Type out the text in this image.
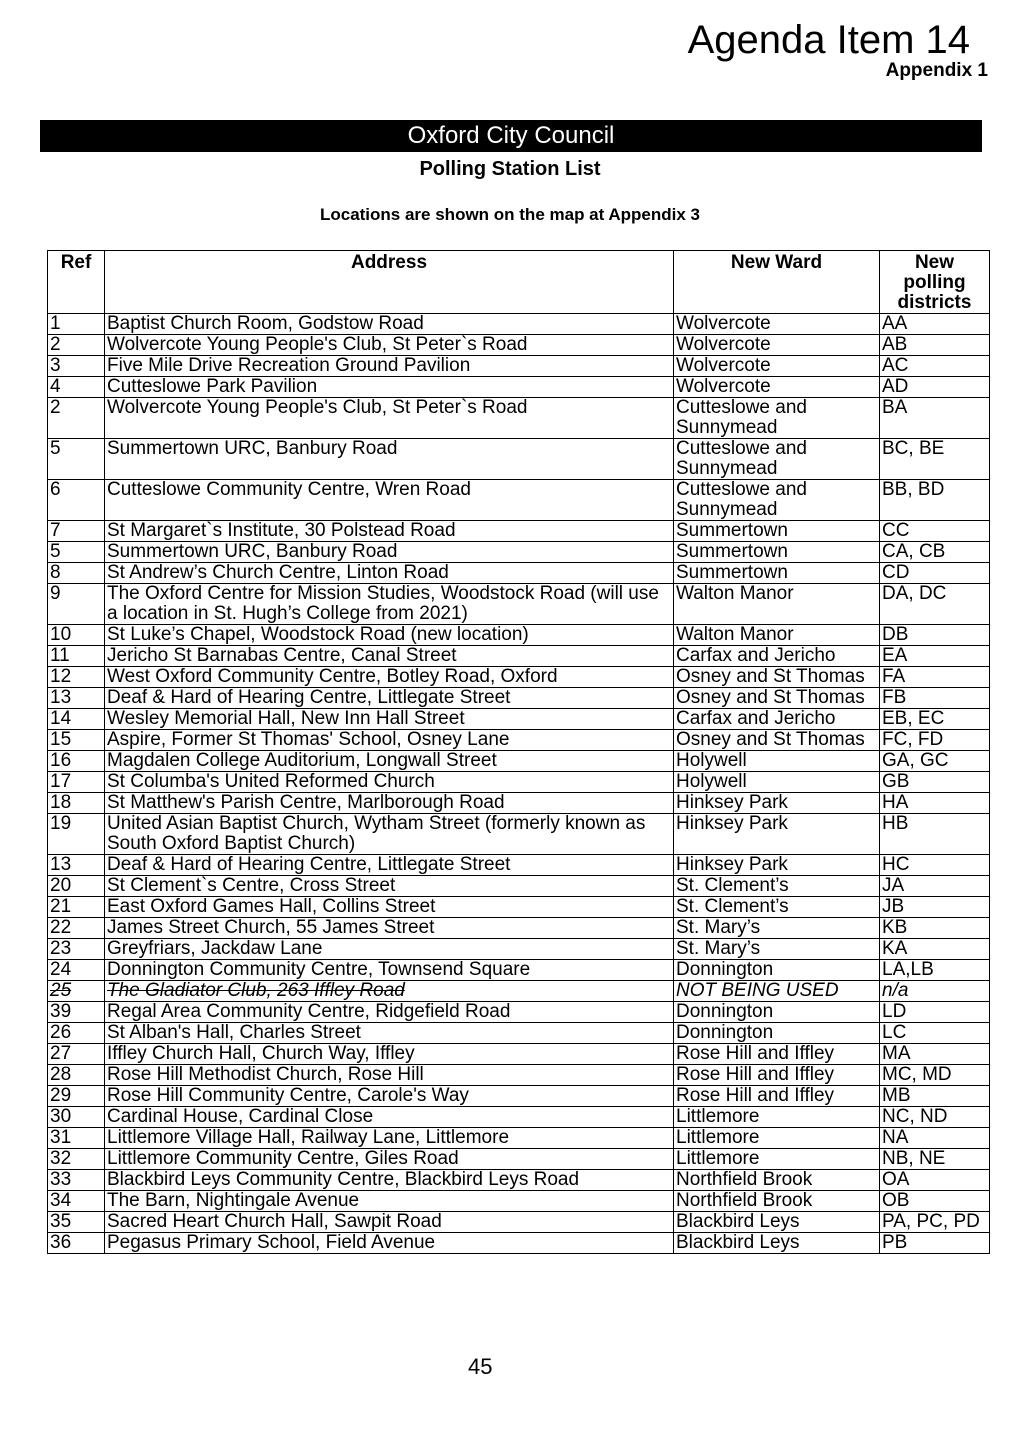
Agenda Item 14
Appendix 1
Oxford City Council
Polling Station List
Locations are shown on the map at Appendix 3
Ref	Address	New Ward	New polling districts
1	Baptist Church Room, Godstow Road	Wolvercote	AA
2	Wolvercote Young People's Club, St Peter`s Road	Wolvercote	AB
3	Five Mile Drive Recreation Ground Pavilion	Wolvercote	AC
4	Cutteslowe Park Pavilion	Wolvercote	AD
2	Wolvercote Young People's Club, St Peter`s Road	Cutteslowe and Sunnymead	BA
5	Summertown URC, Banbury Road	Cutteslowe and Sunnymead	BC, BE
6	Cutteslowe Community Centre, Wren Road	Cutteslowe and Sunnymead	BB, BD
7	St Margaret`s Institute, 30 Polstead Road	Summertown	CC
5	Summertown URC, Banbury Road	Summertown	CA, CB
8	St Andrew’s Church Centre, Linton Road	Summertown	CD
9	The Oxford Centre for Mission Studies, Woodstock Road (will use a location in St. Hugh’s College from 2021)	Walton Manor	DA, DC
10	St Luke’s Chapel, Woodstock Road (new location)	Walton Manor	DB
11	Jericho St Barnabas Centre, Canal Street	Carfax and Jericho	EA
12	West Oxford Community Centre, Botley Road, Oxford	Osney and St Thomas	FA
13	Deaf & Hard of Hearing Centre, Littlegate Street	Osney and St Thomas	FB
14	Wesley Memorial Hall, New Inn Hall Street	Carfax and Jericho	EB, EC
15	Aspire, Former St Thomas' School, Osney Lane	Osney and St Thomas	FC, FD
16	Magdalen College Auditorium, Longwall Street	Holywell	GA, GC
17	St Columba's United Reformed Church	Holywell	GB
18	St Matthew's Parish Centre, Marlborough Road	Hinksey Park	HA
19	United Asian Baptist Church, Wytham Street (formerly known as South Oxford Baptist Church)	Hinksey Park	HB
13	Deaf & Hard of Hearing Centre, Littlegate Street	Hinksey Park	HC
20	St Clement`s Centre, Cross Street	St. Clement’s	JA
21	East Oxford Games Hall, Collins Street	St. Clement’s	JB
22	James Street Church, 55 James Street	St. Mary’s	KB
23	Greyfriars, Jackdaw Lane	St. Mary’s	KA
24	Donnington Community Centre, Townsend Square	Donnington	LA,LB
25	The Gladiator Club, 263 Iffley Road	NOT BEING USED	n/a
39	Regal Area Community Centre, Ridgefield Road	Donnington	LD
26	St Alban's Hall, Charles Street	Donnington	LC
27	Iffley Church Hall, Church Way, Iffley	Rose Hill and Iffley	MA
28	Rose Hill Methodist Church, Rose Hill	Rose Hill and Iffley	MC, MD
29	Rose Hill Community Centre, Carole's Way	Rose Hill and Iffley	MB
30	Cardinal House, Cardinal Close	Littlemore	NC, ND
31	Littlemore Village Hall, Railway Lane, Littlemore	Littlemore	NA
32	Littlemore Community Centre, Giles Road	Littlemore	NB, NE
33	Blackbird Leys Community Centre, Blackbird Leys Road	Northfield Brook	OA
34	The Barn, Nightingale Avenue	Northfield Brook	OB
35	Sacred Heart Church Hall, Sawpit Road	Blackbird Leys	PA, PC, PD
36	Pegasus Primary School, Field Avenue	Blackbird Leys	PB
45
